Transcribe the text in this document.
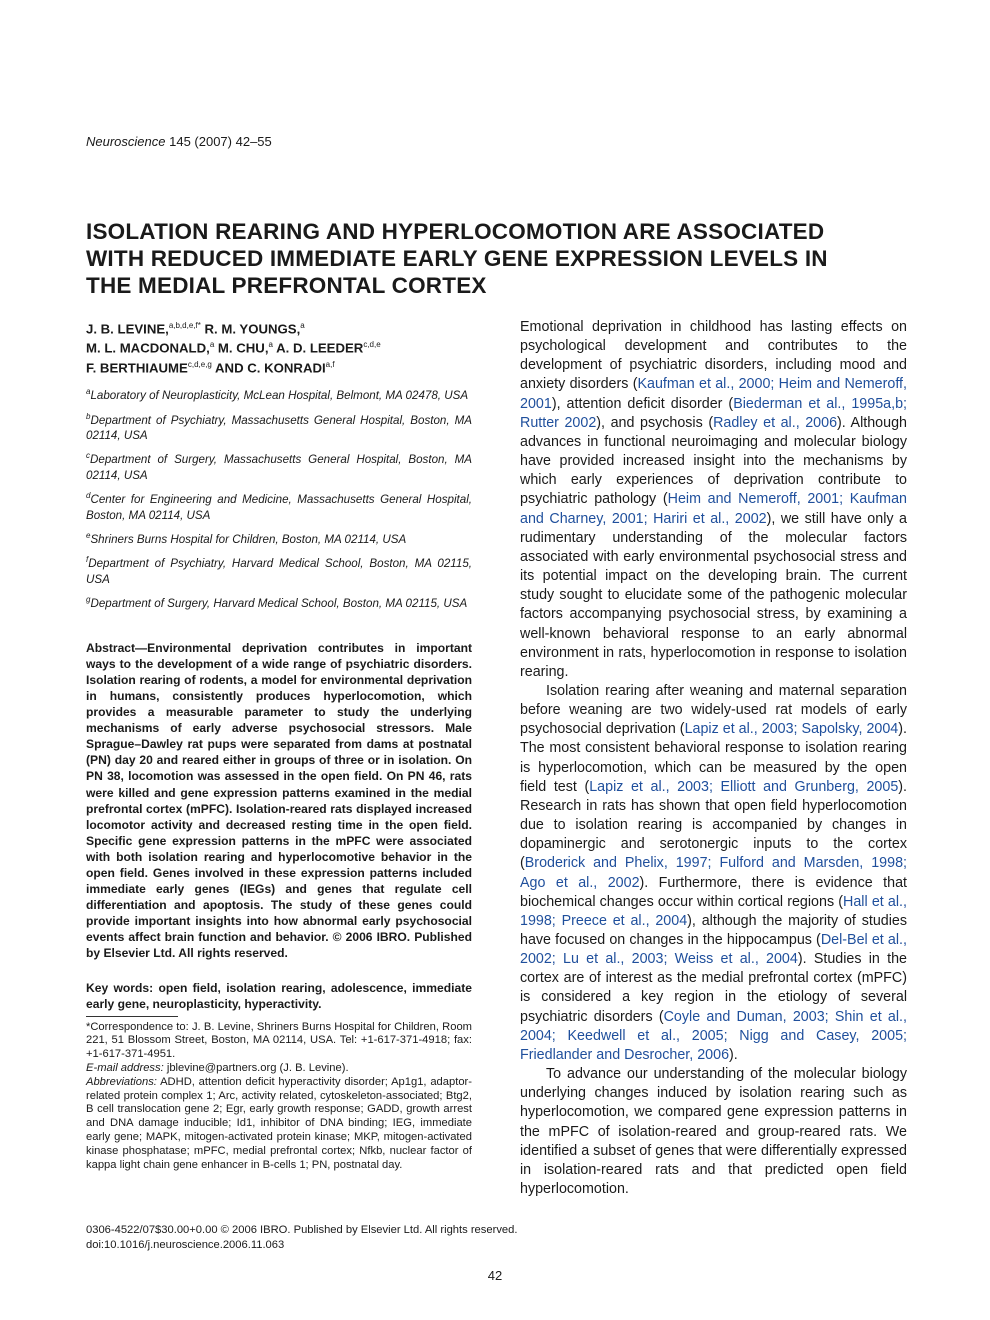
Neuroscience 145 (2007) 42–55
ISOLATION REARING AND HYPERLOCOMOTION ARE ASSOCIATED
WITH REDUCED IMMEDIATE EARLY GENE EXPRESSION LEVELS IN
THE MEDIAL PREFRONTAL CORTEX
J. B. LEVINE,$^{a,b,d,e,f*}$ R. M. YOUNGS,$^a$
M. L. MACDONALD,$^a$ M. CHU,$^a$ A. D. LEEDER$^{c,d,e}$
F. BERTHIAUME$^{c,d,e,g}$ AND C. KONRADI$^{a,f}$
$^a$Laboratory of Neuroplasticity, McLean Hospital, Belmont, MA 02478, USA
$^b$Department of Psychiatry, Massachusetts General Hospital, Boston, MA 02114, USA
$^c$Department of Surgery, Massachusetts General Hospital, Boston, MA 02114, USA
$^d$Center for Engineering and Medicine, Massachusetts General Hospital, Boston, MA 02114, USA
$^e$Shriners Burns Hospital for Children, Boston, MA 02114, USA
$^f$Department of Psychiatry, Harvard Medical School, Boston, MA 02115, USA
$^g$Department of Surgery, Harvard Medical School, Boston, MA 02115, USA
Abstract—Environmental deprivation contributes in important ways to the development of a wide range of psychiatric disorders. Isolation rearing of rodents, a model for environmental deprivation in humans, consistently produces hyperlocomotion, which provides a measurable parameter to study the underlying mechanisms of early adverse psychosocial stressors. Male Sprague–Dawley rat pups were separated from dams at postnatal (PN) day 20 and reared either in groups of three or in isolation. On PN 38, locomotion was assessed in the open field. On PN 46, rats were killed and gene expression patterns examined in the medial prefrontal cortex (mPFC). Isolation-reared rats displayed increased locomotor activity and decreased resting time in the open field. Specific gene expression patterns in the mPFC were associated with both isolation rearing and hyperlocomotive behavior in the open field. Genes involved in these expression patterns included immediate early genes (IEGs) and genes that regulate cell differentiation and apoptosis. The study of these genes could provide important insights into how abnormal early psychosocial events affect brain function and behavior. © 2006 IBRO. Published by Elsevier Ltd. All rights reserved.
Key words: open field, isolation rearing, adolescence, immediate early gene, neuroplasticity, hyperactivity.
*Correspondence to: J. B. Levine, Shriners Burns Hospital for Children, Room 221, 51 Blossom Street, Boston, MA 02114, USA. Tel: +1-617-371-4918; fax: +1-617-371-4951.
E-mail address: jblevine@partners.org (J. B. Levine).
Abbreviations: ADHD, attention deficit hyperactivity disorder; Ap1g1, adaptor-related protein complex 1; Arc, activity related, cytoskeleton-associated; Btg2, B cell translocation gene 2; Egr, early growth response; GADD, growth arrest and DNA damage inducible; Id1, inhibitor of DNA binding; IEG, immediate early gene; MAPK, mitogen-activated protein kinase; MKP, mitogen-activated kinase phosphatase; mPFC, medial prefrontal cortex; Nfkb, nuclear factor of kappa light chain gene enhancer in B-cells 1; PN, postnatal day.
0306-4522/07$30.00+0.00 © 2006 IBRO. Published by Elsevier Ltd. All rights reserved.
doi:10.1016/j.neuroscience.2006.11.063

Emotional deprivation in childhood has lasting effects on psychological development and contributes to the development of psychiatric disorders, including mood and anxiety disorders (Kaufman et al., 2000; Heim and Nemeroff, 2001), attention deficit disorder (Biederman et al., 1995a,b; Rutter 2002), and psychosis (Radley et al., 2006). Although advances in functional neuroimaging and molecular biology have provided increased insight into the mechanisms by which early experiences of deprivation contribute to psychiatric pathology (Heim and Nemeroff, 2001; Kaufman and Charney, 2001; Hariri et al., 2002), we still have only a rudimentary understanding of the molecular factors associated with early environmental psychosocial stress and its potential impact on the developing brain. The current study sought to elucidate some of the pathogenic molecular factors accompanying psychosocial stress, by examining a well-known behavioral response to an early abnormal environment in rats, hyperlocomotion in response to isolation rearing.

Isolation rearing after weaning and maternal separation before weaning are two widely-used rat models of early psychosocial deprivation (Lapiz et al., 2003; Sapolsky, 2004). The most consistent behavioral response to isolation rearing is hyperlocomotion, which can be measured by the open field test (Lapiz et al., 2003; Elliott and Grunberg, 2005). Research in rats has shown that open field hyperlocomotion due to isolation rearing is accompanied by changes in dopaminergic and serotonergic inputs to the cortex (Broderick and Phelix, 1997; Fulford and Marsden, 1998; Ago et al., 2002). Furthermore, there is evidence that biochemical changes occur within cortical regions (Hall et al., 1998; Preece et al., 2004), although the majority of studies have focused on changes in the hippocampus (Del-Bel et al., 2002; Lu et al., 2003; Weiss et al., 2004). Studies in the cortex are of interest as the medial prefrontal cortex (mPFC) is considered a key region in the etiology of several psychiatric disorders (Coyle and Duman, 2003; Shin et al., 2004; Keedwell et al., 2005; Nigg and Casey, 2005; Friedlander and Desrocher, 2006).

To advance our understanding of the molecular biology underlying changes induced by isolation rearing such as hyperlocomotion, we compared gene expression patterns in the mPFC of isolation-reared and group-reared rats. We identified a subset of genes that were differentially expressed in isolation-reared rats and that predicted open field hyperlocomotion.

42
